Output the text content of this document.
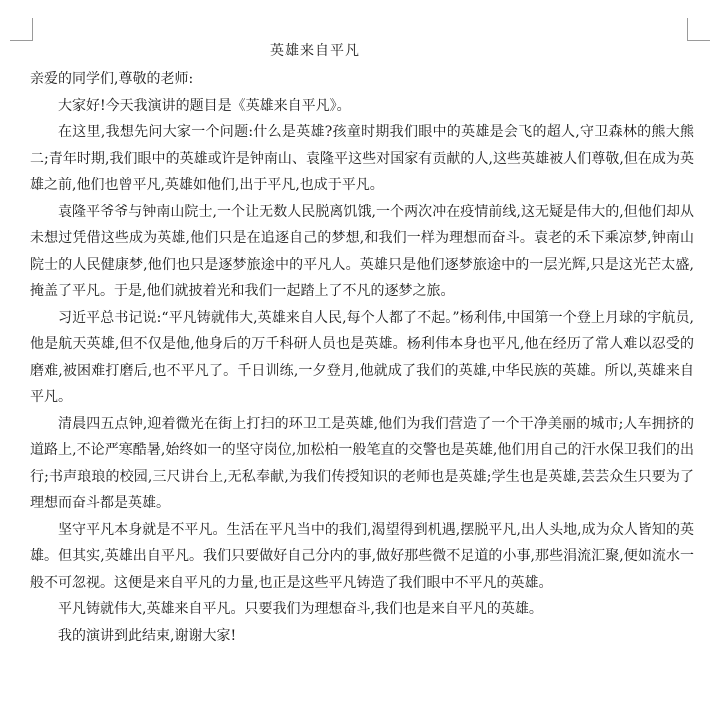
英雄来自平凡

亲爱的同学们,尊敬的老师:

大家好!今天我演讲的题目是《英雄来自平凡》。

在这里,我想先问大家一个问题:什么是英雄?孩童时期我们眼中的英雄是会飞的超人,守卫森林的熊大熊二;青年时期,我们眼中的英雄或许是钟南山、袁隆平这些对国家有贡献的人,这些英雄被人们尊敬,但在成为英雄之前,他们也曾平凡,英雄如他们,出于平凡,也成于平凡。

袁隆平爷爷与钟南山院士,一个让无数人民脱离饥饿,一个两次冲在疫情前线,这无疑是伟大的,但他们却从未想过凭借这些成为英雄,他们只是在追逐自己的梦想,和我们一样为理想而奋斗。袁老的禾下乘凉梦,钟南山院士的人民健康梦,他们也只是逐梦旅途中的平凡人。英雄只是他们逐梦旅途中的一层光辉,只是这光芒太盛,掩盖了平凡。于是,他们就披着光和我们一起踏上了不凡的逐梦之旅。

习近平总书记说:“平凡铸就伟大,英雄来自人民,每个人都了不起。”杨利伟,中国第一个登上月球的宇航员,他是航天英雄,但不仅是他,他身后的万千科研人员也是英雄。杨利伟本身也平凡,他在经历了常人难以忍受的磨难,被困难打磨后,也不平凡了。千日训练,一夕登月,他就成了我们的英雄,中华民族的英雄。所以,英雄来自平凡。

清晨四五点钟,迎着微光在街上打扫的环卫工是英雄,他们为我们营造了一个干净美丽的城市;人车拥挤的道路上,不论严寒酷暑,始终如一的坚守岗位,加松柏一般笔直的交警也是英雄,他们用自己的汗水保卫我们的出行;书声琅琅的校园,三尺讲台上,无私奉献,为我们传授知识的老师也是英雄;学生也是英雄,芸芸众生只要为了理想而奋斗都是英雄。

坚守平凡本身就是不平凡。生活在平凡当中的我们,渴望得到机遇,摆脱平凡,出人头地,成为众人皆知的英雄。但其实,英雄出自平凡。我们只要做好自己分内的事,做好那些微不足道的小事,那些涓流汇聚,便如流水一般不可忽视。这便是来自平凡的力量,也正是这些平凡铸造了我们眼中不平凡的英雄。

平凡铸就伟大,英雄来自平凡。只要我们为理想奋斗,我们也是来自平凡的英雄。

我的演讲到此结束,谢谢大家!
